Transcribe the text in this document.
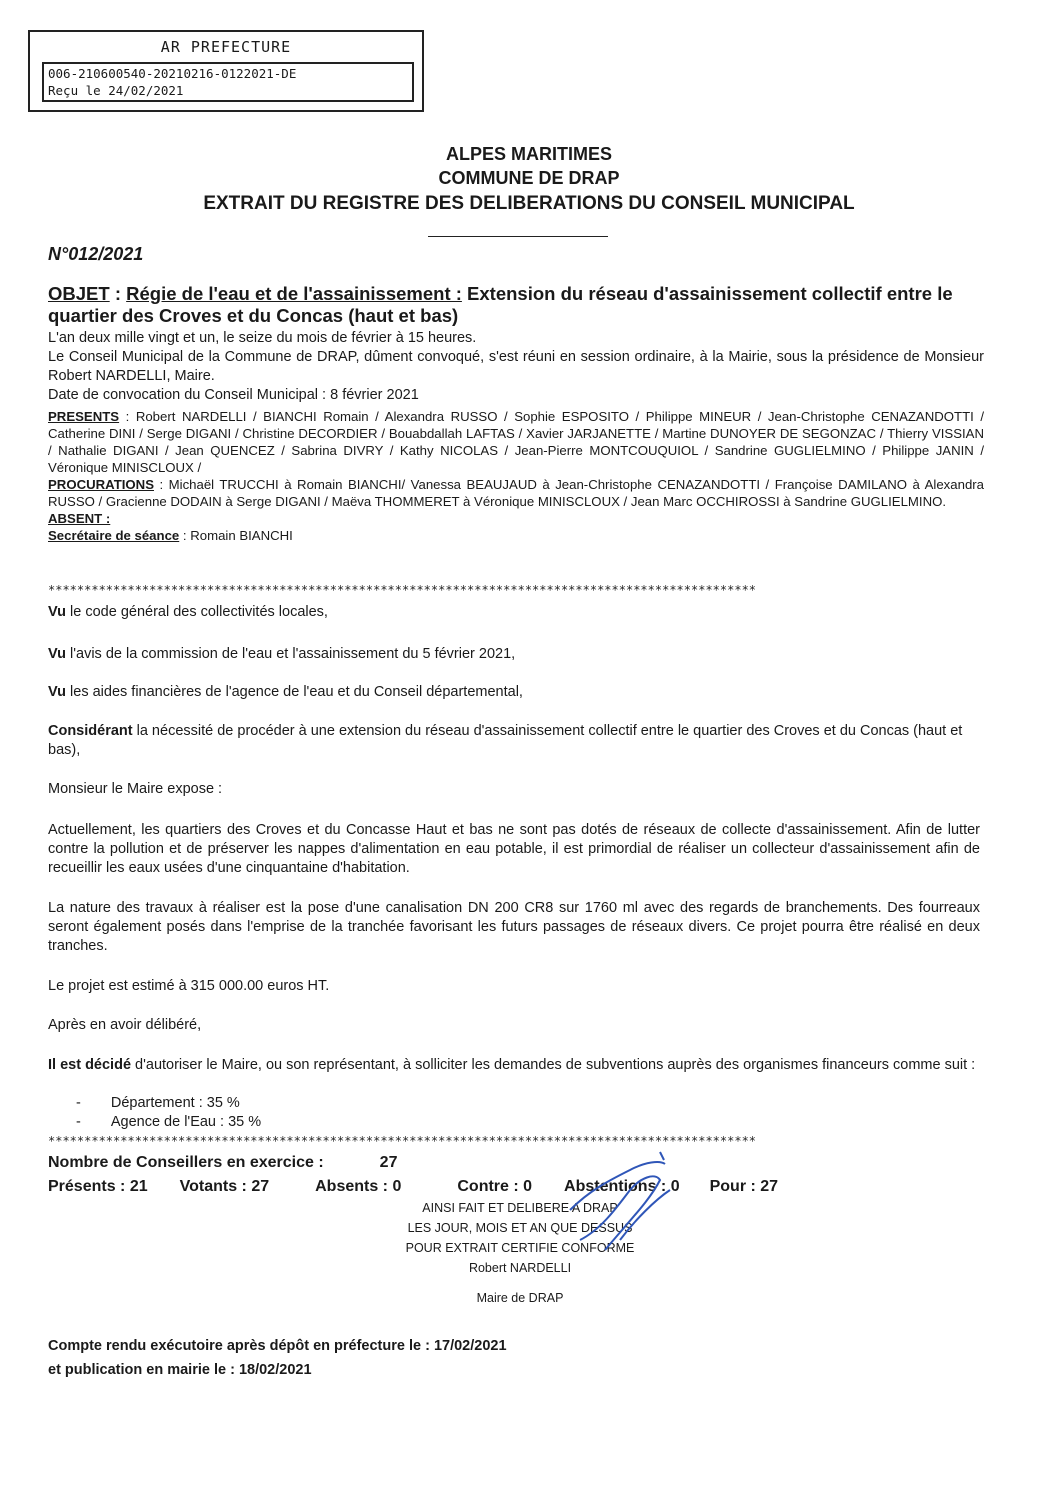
AR PREFECTURE
006-210600540-20210216-0122021-DE
Reçu le 24/02/2021
ALPES MARITIMES
COMMUNE DE DRAP
EXTRAIT DU REGISTRE DES DELIBERATIONS DU CONSEIL MUNICIPAL
N°012/2021
OBJET : Régie de l'eau et de l'assainissement : Extension du réseau d'assainissement collectif entre le quartier des Croves et du Concas (haut et bas)
L'an deux mille vingt et un, le seize du mois de février à 15 heures.
Le Conseil Municipal de la Commune de DRAP, dûment convoqué, s'est réuni en session ordinaire, à la Mairie, sous la présidence de Monsieur Robert NARDELLI, Maire.
Date de convocation du Conseil Municipal : 8 février 2021
PRESENTS : Robert NARDELLI / BIANCHI Romain / Alexandra RUSSO / Sophie ESPOSITO / Philippe MINEUR / Jean-Christophe CENAZANDOTTI / Catherine DINI / Serge DIGANI / Christine DECORDIER / Bouabdallah LAFTAS / Xavier JARJANETTE / Martine DUNOYER DE SEGONZAC / Thierry VISSIAN / Nathalie DIGANI / Jean QUENCEZ / Sabrina DIVRY / Kathy NICOLAS / Jean-Pierre MONTCOUQUIOL / Sandrine GUGLIELMINO / Philippe JANIN / Véronique MINISCLOUX /
PROCURATIONS : Michaël TRUCCHI à Romain BIANCHI/ Vanessa BEAUJAUD à Jean-Christophe CENAZANDOTTI / Françoise DAMILANO à Alexandra RUSSO / Gracienne DODAIN à Serge DIGANI / Maëva THOMMERET à Véronique MINISCLOUX / Jean Marc OCCHIROSSI à Sandrine GUGLIELMINO.
ABSENT :
Secrétaire de séance : Romain BIANCHI
**************************************************************************************************
Vu le code général des collectivités locales,
Vu l'avis de la commission de l'eau et l'assainissement du 5 février 2021,
Vu les aides financières de l'agence de l'eau et du Conseil départemental,
Considérant la nécessité de procéder à une extension du réseau d'assainissement collectif entre le quartier des Croves et du Concas (haut et bas),
Monsieur le Maire expose :
Actuellement, les quartiers des Croves et du Concasse Haut et bas ne sont pas dotés de réseaux de collecte d'assainissement. Afin de lutter contre la pollution et de préserver les nappes d'alimentation en eau potable, il est primordial de réaliser un collecteur d'assainissement afin de recueillir les eaux usées d'une cinquantaine d'habitation.
La nature des travaux à réaliser est la pose d'une canalisation DN 200 CR8 sur 1760 ml avec des regards de branchements. Des fourreaux seront également posés dans l'emprise de la tranchée favorisant les futurs passages de réseaux divers. Ce projet pourra être réalisé en deux tranches.
Le projet est estimé à 315 000.00 euros HT.
Après en avoir délibéré,
Il est décidé d'autoriser le Maire, ou son représentant, à solliciter les demandes de subventions auprès des organismes financeurs comme suit :
- Département : 35 %
- Agence de l'Eau : 35 %
**************************************************************************************************
Nombre de Conseillers en exercice :	27
Présents : 21 Votants : 27	Absents : 0	Contre : 0 Abstentions : 0 Pour : 27
AINSI FAIT ET DELIBERE A DRAP
LES JOUR, MOIS ET AN QUE DESSUS
POUR EXTRAIT CERTIFIE CONFORME
Robert NARDELLI
Maire de DRAP
Compte rendu exécutoire après dépôt en préfecture le : 17/02/2021
et publication en mairie le : 18/02/2021
